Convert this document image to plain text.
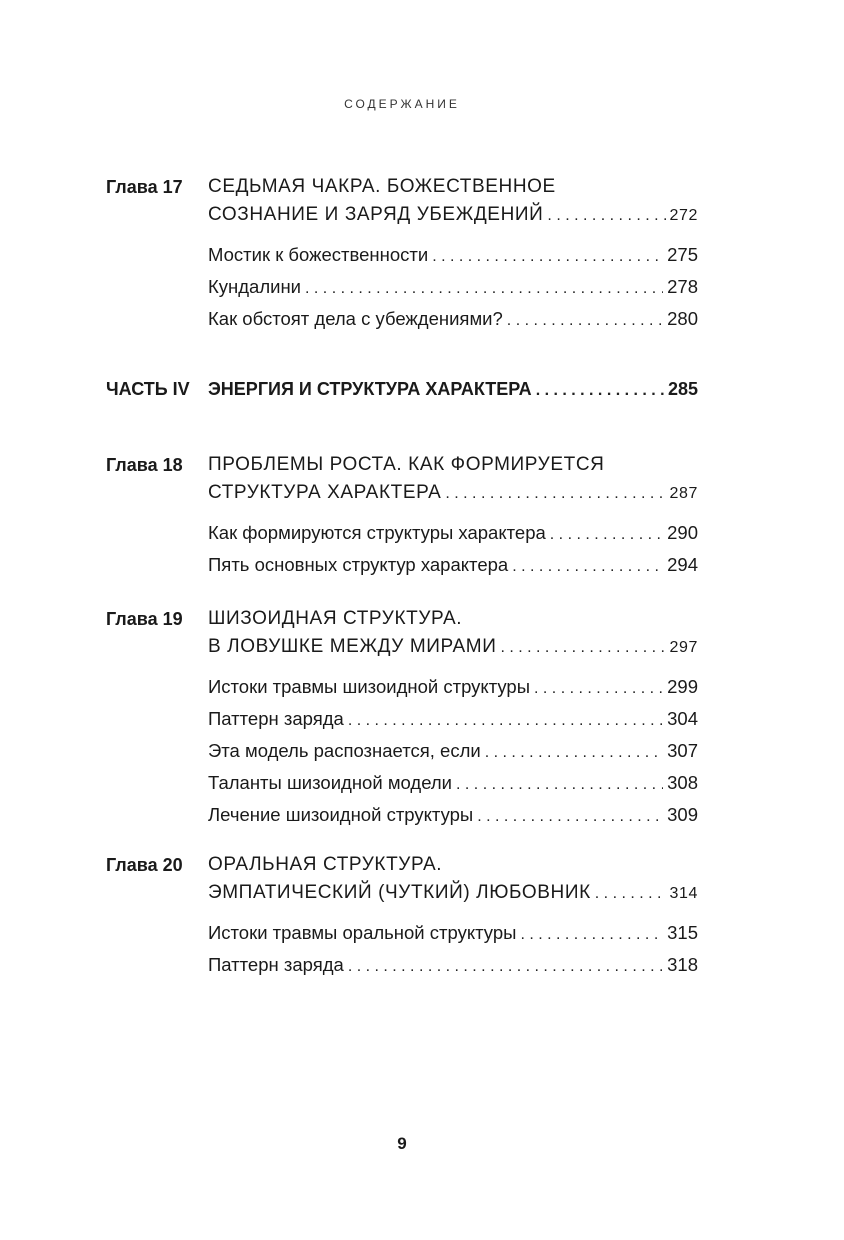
СОДЕРЖАНИЕ
Глава 17 СЕДЬМАЯ ЧАКРА. БОЖЕСТВЕННОЕ
СОЗНАНИЕ И ЗАРЯД УБЕЖДЕНИЙ . . .	272
Мостик к божественности . . .	275
Кундалини . . .	278
Как обстоят дела с убеждениями? . . .	280
ЧАСТЬ IV ЭНЕРГИЯ И СТРУКТУРА ХАРАКТЕРА . . .	285
Глава 18 ПРОБЛЕМЫ РОСТА. КАК ФОРМИРУЕТСЯ
СТРУКТУРА ХАРАКТЕРА . . .	287
Как формируются структуры характера . . .	290
Пять основных структур характера . . .	294
Глава 19 ШИЗОИДНАЯ СТРУКТУРА.
В ЛОВУШКЕ МЕЖДУ МИРАМИ . . .	297
Истоки травмы шизоидной структуры . . .	299
Паттерн заряда . . .	304
Эта модель распознается, если . . .	307
Таланты шизоидной модели . . .	308
Лечение шизоидной структуры . . .	309
Глава 20 ОРАЛЬНАЯ СТРУКТУРА.
ЭМПАТИЧЕСКИЙ (ЧУТКИЙ) ЛЮБОВНИК . . .	314
Истоки травмы оральной структуры . . .	315
Паттерн заряда . . .	318
9
